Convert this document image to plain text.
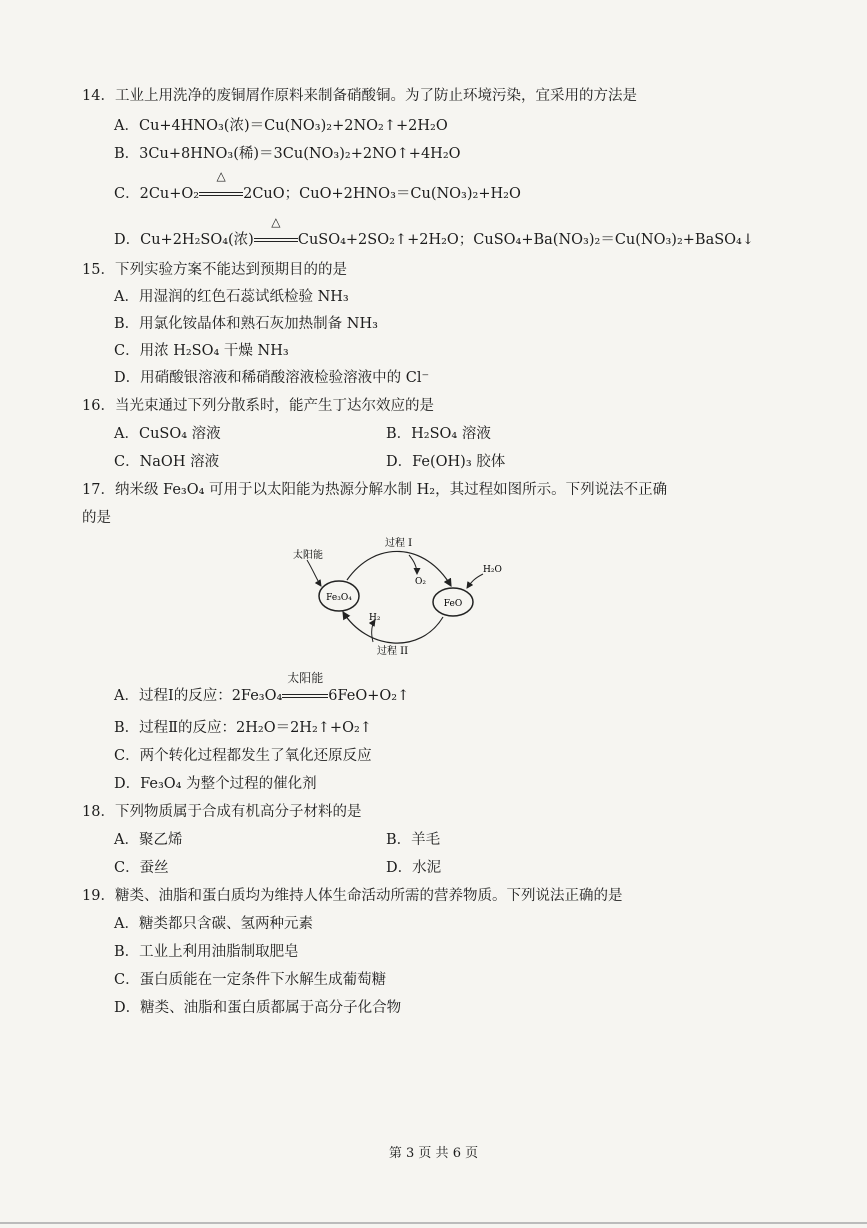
14．工业上用洗净的废铜屑作原料来制备硝酸铜。为了防止环境污染，宜采用的方法是
A．Cu+4HNO₃(浓)＝Cu(NO₃)₂+2NO₂↑+2H₂O
B．3Cu+8HNO₃(稀)＝3Cu(NO₃)₂+2NO↑+4H₂O
C．2Cu+O₂
△
2CuO；CuO+2HNO₃＝Cu(NO₃)₂+H₂O
D．Cu+2H₂SO₄(浓)
△
CuSO₄+2SO₂↑+2H₂O；CuSO₄+Ba(NO₃)₂＝Cu(NO₃)₂+BaSO₄↓
15．下列实验方案不能达到预期目的的是
A．用湿润的红色石蕊试纸检验 NH₃
B．用氯化铵晶体和熟石灰加热制备 NH₃
C．用浓 H₂SO₄ 干燥 NH₃
D．用硝酸银溶液和稀硝酸溶液检验溶液中的 Cl⁻
16．当光束通过下列分散系时，能产生丁达尔效应的是
A．CuSO₄ 溶液	B．H₂SO₄ 溶液
C．NaOH 溶液	D．Fe(OH)₃ 胶体
17．纳米级 Fe₃O₄ 可用于以太阳能为热源分解水制 H₂，其过程如图所示。下列说法不正确
的是
Fe₃O₄
FeO
太阳能
过程 I
O₂
H₂O
H₂
过程 II
A．过程Ⅰ的反应：2Fe₃O₄
太阳能
6FeO+O₂↑
B．过程Ⅱ的反应：2H₂O＝2H₂↑+O₂↑
C．两个转化过程都发生了氧化还原反应
D．Fe₃O₄ 为整个过程的催化剂
18．下列物质属于合成有机高分子材料的是
A．聚乙烯	B．羊毛
C．蚕丝	D．水泥
19．糖类、油脂和蛋白质均为维持人体生命活动所需的营养物质。下列说法正确的是
A．糖类都只含碳、氢两种元素
B．工业上利用油脂制取肥皂
C．蛋白质能在一定条件下水解生成葡萄糖
D．糖类、油脂和蛋白质都属于高分子化合物
第 3 页 共 6 页
